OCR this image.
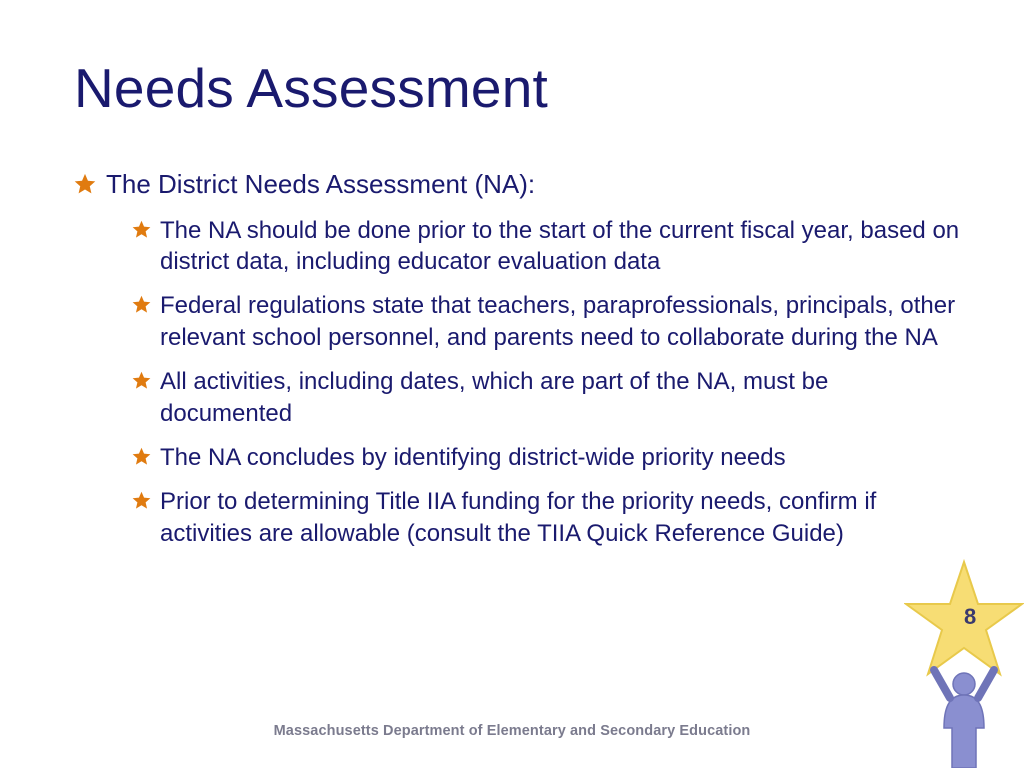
Needs Assessment
The District Needs Assessment (NA):
The NA should be done prior to the start of the current fiscal year, based on district data, including educator evaluation data
Federal regulations state that teachers, paraprofessionals, principals, other relevant school personnel, and parents need to collaborate during the NA
All activities, including dates, which are part of the NA, must be documented
The NA concludes by identifying district-wide priority needs
Prior to determining Title IIA funding for the priority needs, confirm if activities are allowable (consult the TIIA Quick Reference Guide)
8
Massachusetts Department of Elementary and Secondary Education
